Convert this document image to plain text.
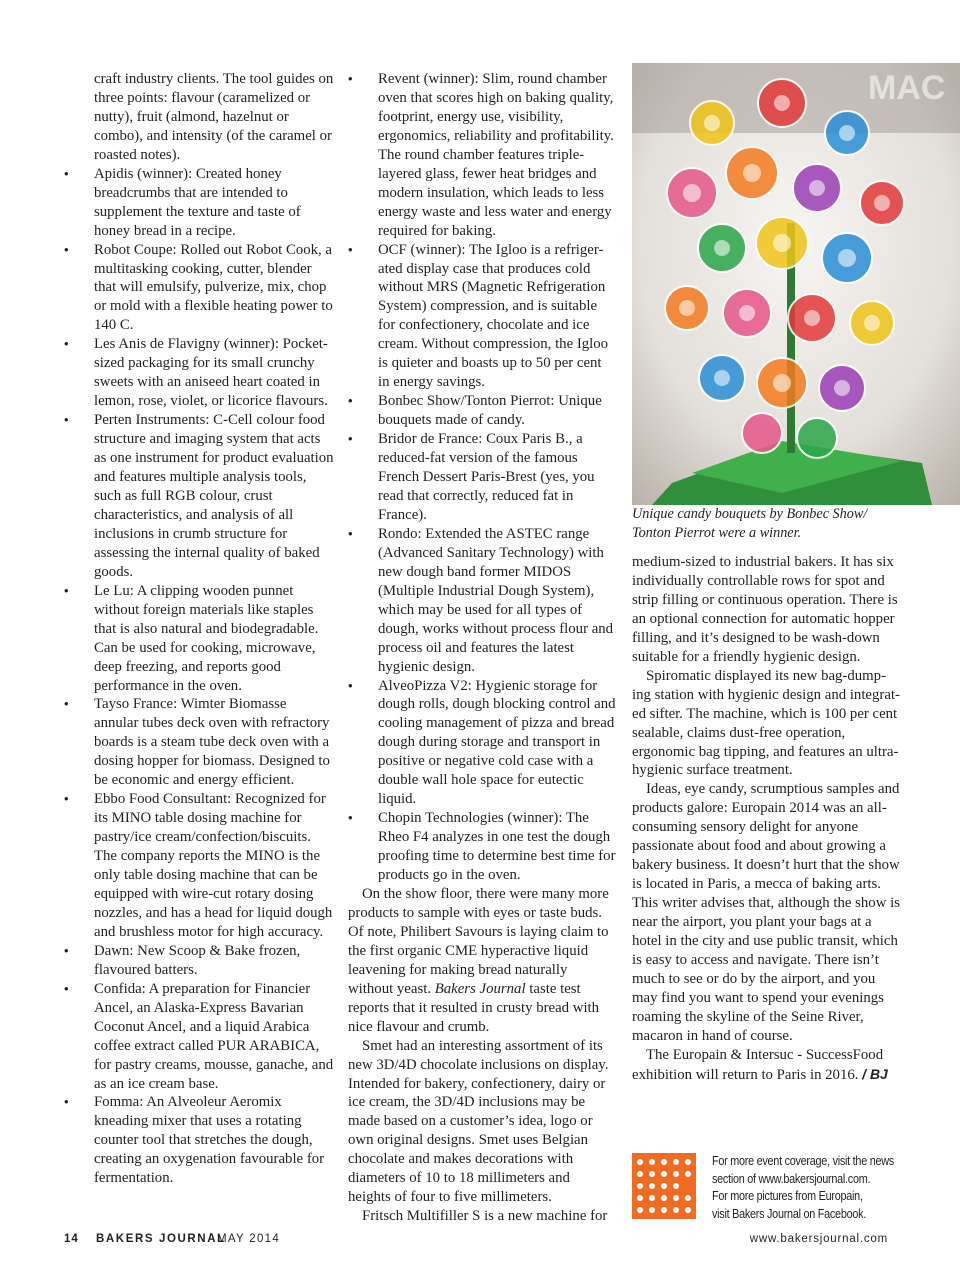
craft industry clients. The tool guides on three points: flavour (caramelized or nutty), fruit (almond, hazelnut or combo), and intensity (of the caramel or roasted notes).

• Apidis (winner): Created honey breadcrumbs that are intended to supplement the texture and taste of honey bread in a recipe.
• Robot Coupe: Rolled out Robot Cook, a multitasking cooking, cutter, blender that will emulsify, pulverize, mix, chop or mold with a flexible heating power to 140 C.
• Les Anis de Flavigny (winner): Pocket-sized packaging for its small crunchy sweets with an aniseed heart coated in lemon, rose, violet, or licorice flavours.
• Perten Instruments: C-Cell colour food structure and imaging system that acts as one instrument for product evaluation and features multiple analysis tools, such as full RGB colour, crust characteristics, and analysis of all inclusions in crumb structure for assessing the internal quality of baked goods.
• Le Lu: A clipping wooden punnet without foreign materials like staples that is also natural and biodegradable. Can be used for cooking, microwave, deep freezing, and reports good performance in the oven.
• Tayso France: Wimter Biomasse annular tubes deck oven with refractory boards is a steam tube deck oven with a dosing hopper for biomass. Designed to be economic and energy efficient.
• Ebbo Food Consultant: Recognized for its MINO table dosing machine for pastry/ice cream/confection/biscuits. The company reports the MINO is the only table dosing machine that can be equipped with wire-cut rotary dosing nozzles, and has a head for liquid dough and brushless motor for high accuracy.
• Dawn: New Scoop & Bake frozen, flavoured batters.
• Confida: A preparation for Financier Ancel, an Alaska-Express Bavarian Coconut Ancel, and a liquid Arabica coffee extract called PUR ARABICA, for pastry creams, mousse, ganache, and as an ice cream base.
• Fomma: An Alveoleur Aeromix kneading mixer that uses a rotating counter tool that stretches the dough, creating an oxygenation favourable for fermentation.
• Revent (winner): Slim, round chamber oven that scores high on baking quality, footprint, energy use, visibility, ergonomics, reliability and profitability. The round chamber features triple-layered glass, fewer heat bridges and modern insulation, which leads to less energy waste and less water and energy required for baking.
• OCF (winner): The Igloo is a refriger-ated display case that produces cold without MRS (Magnetic Refrigeration System) compression, and is suitable for confectionery, chocolate and ice cream. Without compression, the Igloo is quieter and boasts up to 50 per cent in energy savings.
• Bonbec Show/Tonton Pierrot: Unique bouquets made of candy.
• Bridor de France: Coux Paris B., a reduced-fat version of the famous French Dessert Paris-Brest (yes, you read that correctly, reduced fat in France).
• Rondo: Extended the ASTEC range (Advanced Sanitary Technology) with new dough band former MIDOS (Multiple Industrial Dough System), which may be used for all types of dough, works without process flour and process oil and features the latest hygienic design.
• AlveoPizza V2: Hygienic storage for dough rolls, dough blocking control and cooling management of pizza and bread dough during storage and transport in positive or negative cold case with a double wall hole space for eutectic liquid.
• Chopin Technologies (winner): The Rheo F4 analyzes in one test the dough proofing time to determine best time for products go in the oven.

On the show floor, there were many more products to sample with eyes or taste buds. Of note, Philibert Savours is laying claim to the first organic CME hyperactive liquid leavening for making bread naturally without yeast. Bakers Journal taste test reports that it resulted in crusty bread with nice flavour and crumb.

Smet had an interesting assortment of its new 3D/4D chocolate inclusions on display. Intended for bakery, confectionery, dairy or ice cream, the 3D/4D inclusions may be made based on a customer’s idea, logo or own original designs. Smet uses Belgian chocolate and makes decorations with diameters of 10 to 18 millimeters and heights of four to five millimeters.

Fritsch Multifiller S is a new machine for

MAC

Unique candy bouquets by Bonbec Show/ Tonton Pierrot were a winner.

medium-sized to industrial bakers. It has six individually controllable rows for spot and strip filling or continuous operation. There is an optional connection for automatic hopper filling, and it’s designed to be wash-down suitable for a friendly hygienic design.

Spiromatic displayed its new bag-dump-ing station with hygienic design and integrat-ed sifter. The machine, which is 100 per cent sealable, claims dust-free operation, ergonomic bag tipping, and features an ultra-hygienic surface treatment.

Ideas, eye candy, scrumptious samples and products galore: Europain 2014 was an all-consuming sensory delight for anyone passionate about food and about growing a bakery business. It doesn’t hurt that the show is located in Paris, a mecca of baking arts. This writer advises that, although the show is near the airport, you plant your bags at a hotel in the city and use public transit, which is easy to access and navigate. There isn’t much to see or do by the airport, and you may find you want to spend your evenings roaming the skyline of the Seine River, macaron in hand of course.

The Europain & Intersuc - SuccessFood exhibition will return to Paris in 2016. / BJ

For more event coverage, visit the news
section of www.bakersjournal.com.
For more pictures from Europain,
visit Bakers Journal on Facebook.
14 BAKERS JOURNAL
/ MAY 2014	www.bakersjournal.com
